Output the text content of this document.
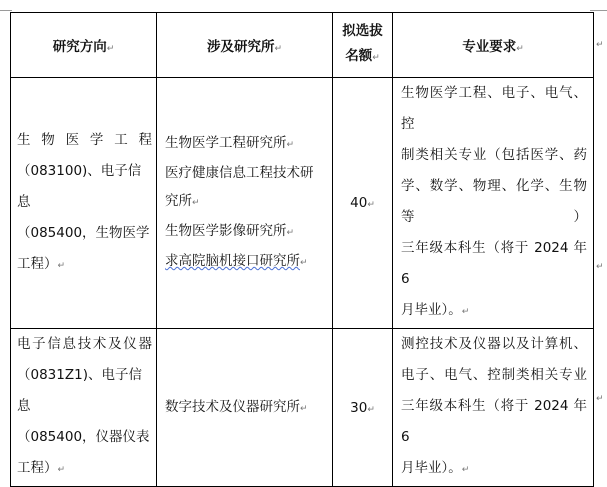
研究方向↵	涉及研究所↵	拟选拔
名额↵	专业要求↵

生 物 医 学 工 程
（083100)、电子信息
（085400，生物医学
工程）↵	生物医学工程研究所↵
医疗健康信息工程技术研
究所↵
生物医学影像研究所↵
求高院脑机接口研究所↵	40↵	生物医学工程、电子、电气、控
制类相关专业（包括医学、药
学、数学、物理、化学、生物等）
三年级本科生（将于 2024 年 6
月毕业）。↵

电子信息技术及仪器
（0831Z1)、电子信息
（085400，仪器仪表
工程）↵	数字技术及仪器研究所↵	30↵	测控技术及仪器以及计算机、
电子、电气、控制类相关专业
三年级本科生（将于 2024 年 6
月毕业）。↵
↵
↵
↵
